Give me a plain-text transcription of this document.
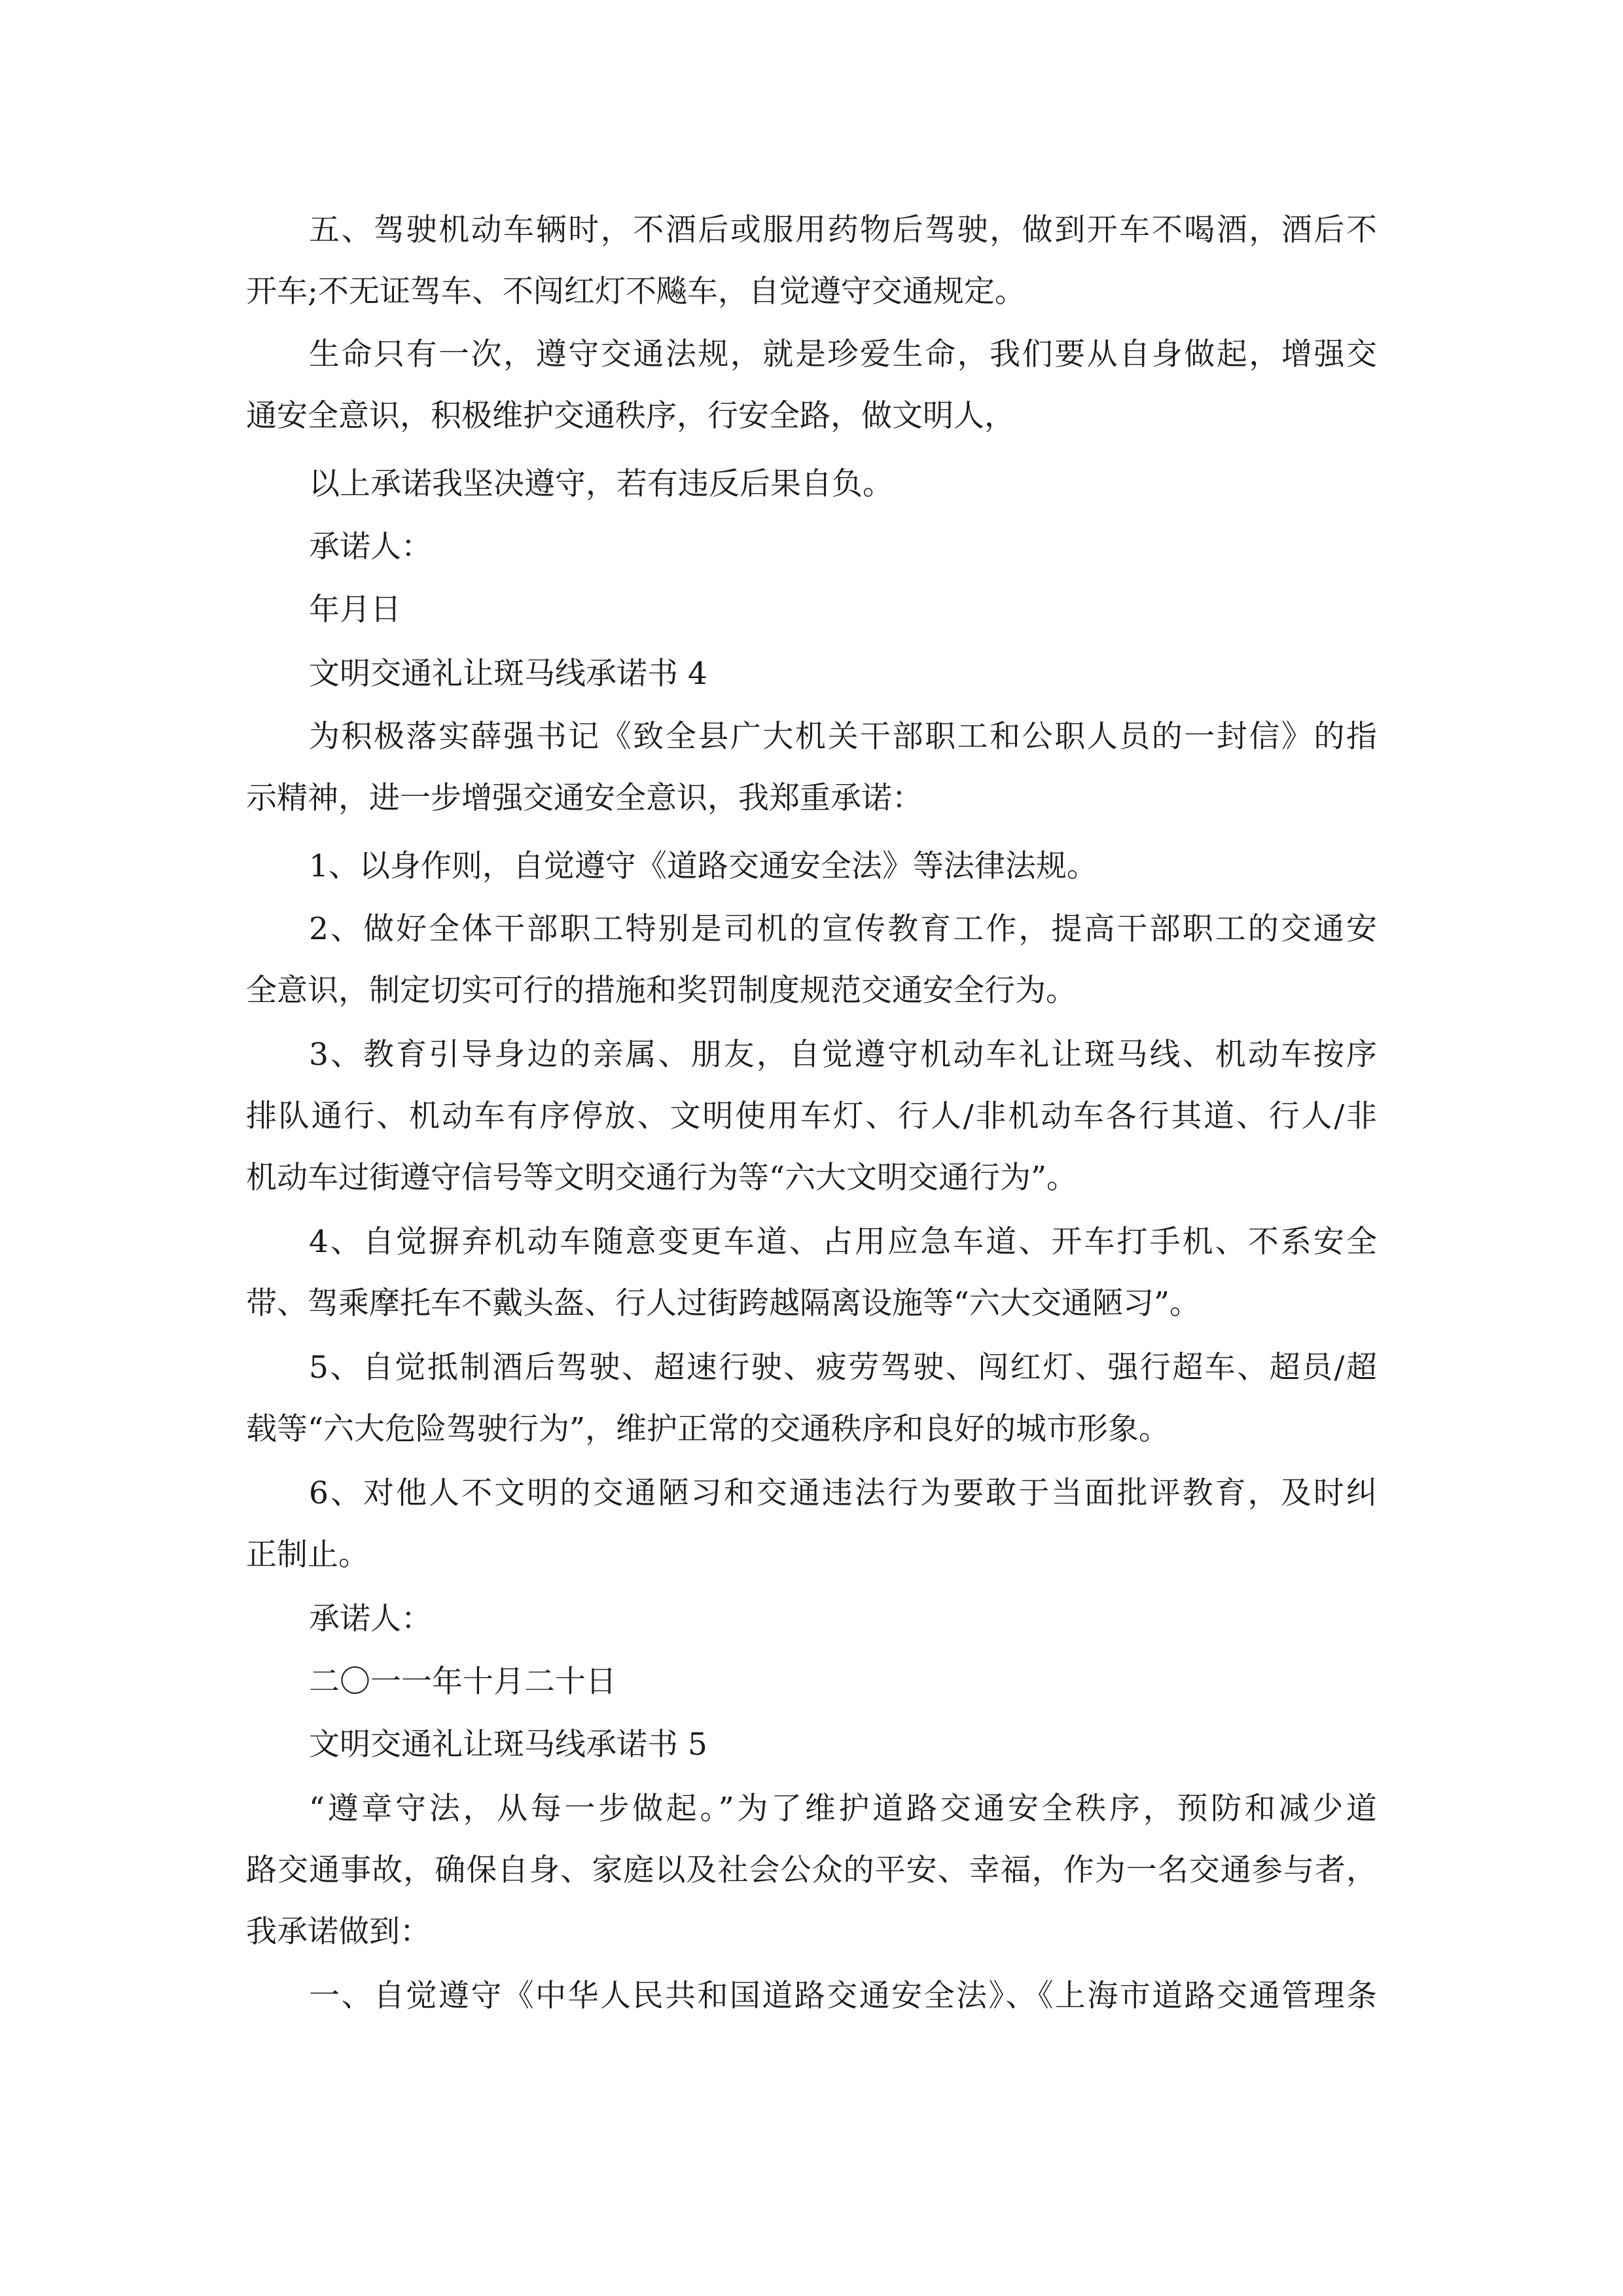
五、驾驶机动车辆时，不酒后或服用药物后驾驶，做到开车不喝酒，酒后不

开车;不无证驾车、不闯红灯不飚车，自觉遵守交通规定。

生命只有一次，遵守交通法规，就是珍爱生命，我们要从自身做起，增强交

通安全意识，积极维护交通秩序，行安全路，做文明人，

以上承诺我坚决遵守，若有违反后果自负。

承诺人：

年月日

文明交通礼让斑马线承诺书 4

为积极落实薛强书记《致全县广大机关干部职工和公职人员的一封信》的指

示精神，进一步增强交通安全意识，我郑重承诺：

1、以身作则，自觉遵守《道路交通安全法》等法律法规。

2、做好全体干部职工特别是司机的宣传教育工作，提高干部职工的交通安

全意识，制定切实可行的措施和奖罚制度规范交通安全行为。

3、教育引导身边的亲属、朋友，自觉遵守机动车礼让斑马线、机动车按序

排队通行、机动车有序停放、文明使用车灯、行人/非机动车各行其道、行人/非

机动车过街遵守信号等文明交通行为等“六大文明交通行为”。

4、自觉摒弃机动车随意变更车道、占用应急车道、开车打手机、不系安全

带、驾乘摩托车不戴头盔、行人过街跨越隔离设施等“六大交通陋习”。

5、自觉抵制酒后驾驶、超速行驶、疲劳驾驶、闯红灯、强行超车、超员/超

载等“六大危险驾驶行为”，维护正常的交通秩序和良好的城市形象。

6、对他人不文明的交通陋习和交通违法行为要敢于当面批评教育，及时纠

正制止。

承诺人：

二〇一一年十月二十日

文明交通礼让斑马线承诺书 5

“遵章守法，从每一步做起。”为了维护道路交通安全秩序，预防和减少道

路交通事故，确保自身、家庭以及社会公众的平安、幸福，作为一名交通参与者，

我承诺做到：

一、自觉遵守《中华人民共和国道路交通安全法》、《上海市道路交通管理条
